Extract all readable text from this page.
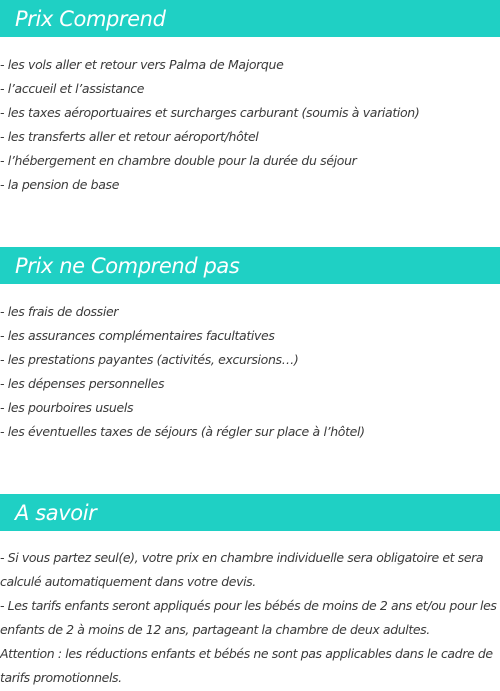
Prix Comprend
- les vols aller et retour vers Palma de Majorque
- l’accueil et l’assistance
- les taxes aéroportuaires et surcharges carburant (soumis à variation)
- les transferts aller et retour aéroport/hôtel
- l’hébergement en chambre double pour la durée du séjour
- la pension de base
Prix ne Comprend pas
- les frais de dossier
- les assurances complémentaires facultatives
- les prestations payantes (activités, excursions…)
- les dépenses personnelles
- les pourboires usuels
- les éventuelles taxes de séjours (à régler sur place à l’hôtel)
A savoir

- Si vous partez seul(e), votre prix en chambre individuelle sera obligatoire et sera calculé automatiquement dans votre devis.

- Les tarifs enfants seront appliqués pour les bébés de moins de 2 ans et/ou pour les enfants de 2 à moins de 12 ans, partageant la chambre de deux adultes.

Attention : les réductions enfants et bébés ne sont pas applicables dans le cadre de tarifs promotionnels.
